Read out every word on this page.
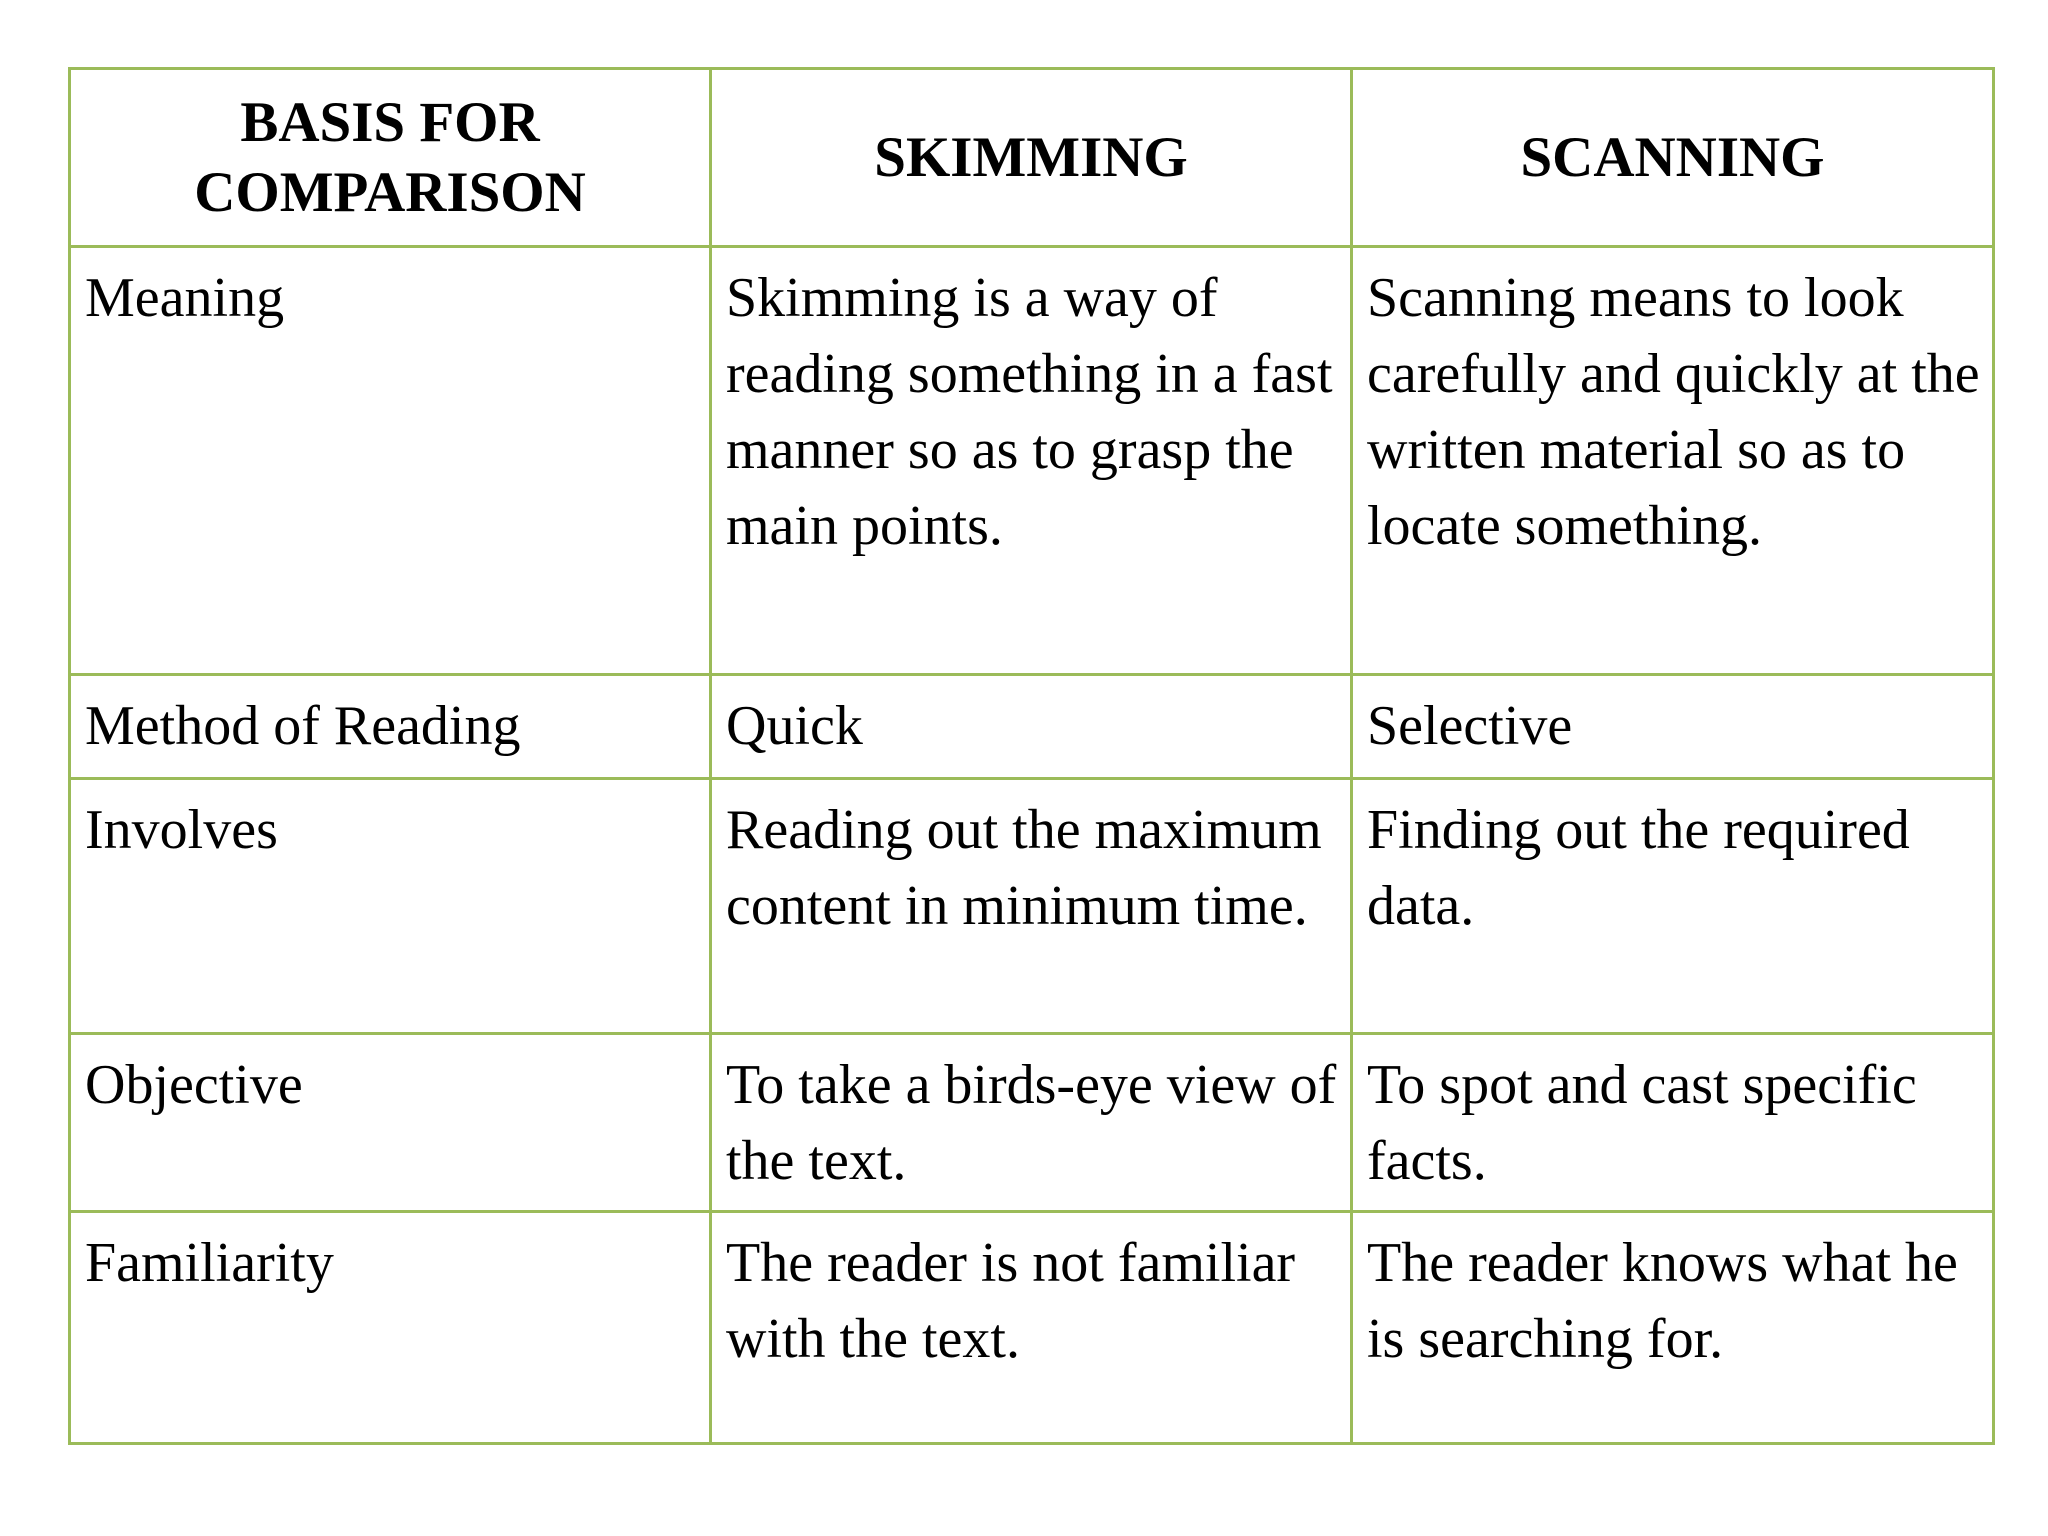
BASIS FOR COMPARISON	SKIMMING	SCANNING

Meaning	Skimming is a way of reading something in a fast manner so as to grasp the main points.	Scanning means to look carefully and quickly at the written material so as to locate something.

Method of Reading	Quick	Selective

Involves	Reading out the maximum content in minimum time.	Finding out the required data.

Objective	To take a birds-eye view of the text.	To spot and cast specific facts.

Familiarity	The reader is not familiar with the text.	The reader knows what he is searching for.
